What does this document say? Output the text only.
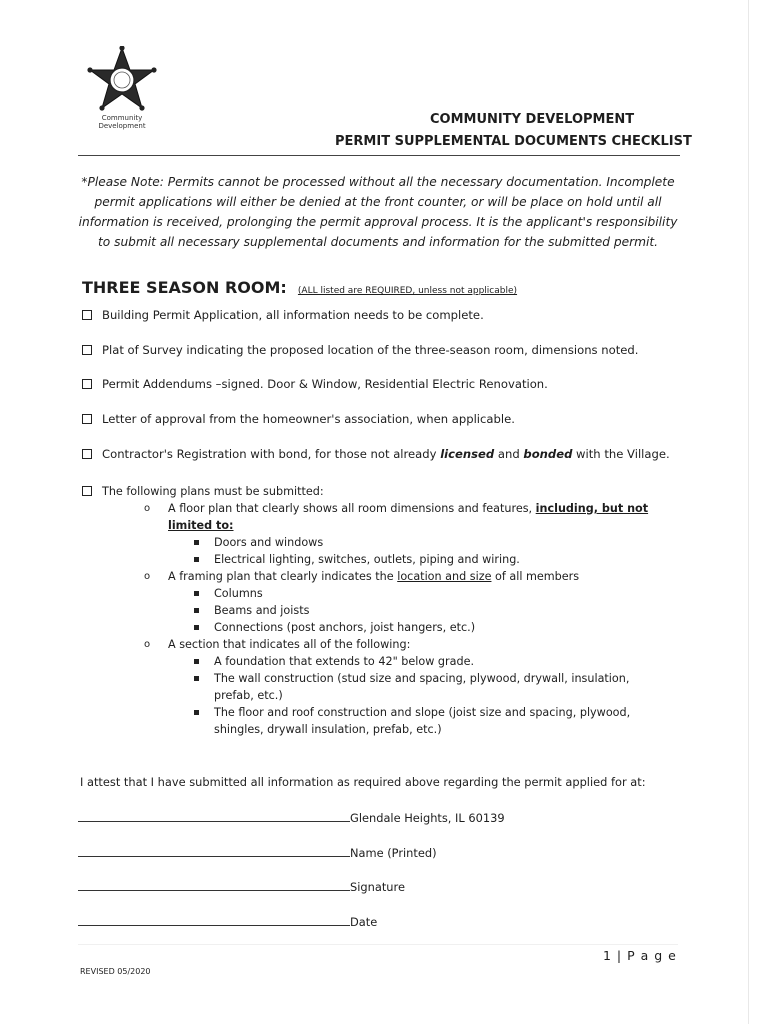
Community
Development	COMMUNITY DEVELOPMENT
PERMIT SUPPLEMENTAL DOCUMENTS CHECKLIST
*Please Note: Permits cannot be processed without all the necessary documentation. Incomplete permit applications will either be denied at the front counter, or will be place on hold until all information is received, prolonging the permit approval process. It is the applicant's responsibility to submit all necessary supplemental documents and information for the submitted permit.
THREE SEASON ROOM: (ALL listed are REQUIRED, unless not applicable)
Building Permit Application, all information needs to be complete.
Plat of Survey indicating the proposed location of the three-season room, dimensions noted.
Permit Addendums –signed. Door & Window, Residential Electric Renovation.
Letter of approval from the homeowner's association, when applicable.
Contractor's Registration with bond, for those not already licensed and bonded with the Village.
The following plans must be submitted:
o A floor plan that clearly shows all room dimensions and features, including, but not limited to:
Doors and windows
Electrical lighting, switches, outlets, piping and wiring.
o A framing plan that clearly indicates the location and size of all members
Columns
Beams and joists
Connections (post anchors, joist hangers, etc.)
o A section that indicates all of the following:
A foundation that extends to 42" below grade.
The wall construction (stud size and spacing, plywood, drywall, insulation, prefab, etc.)
The floor and roof construction and slope (joist size and spacing, plywood, shingles, drywall insulation, prefab, etc.)
I attest that I have submitted all information as required above regarding the permit applied for at:
Glendale Heights, IL 60139
Name (Printed)
Signature
Date
1 | P a g e
REVISED 05/2020
